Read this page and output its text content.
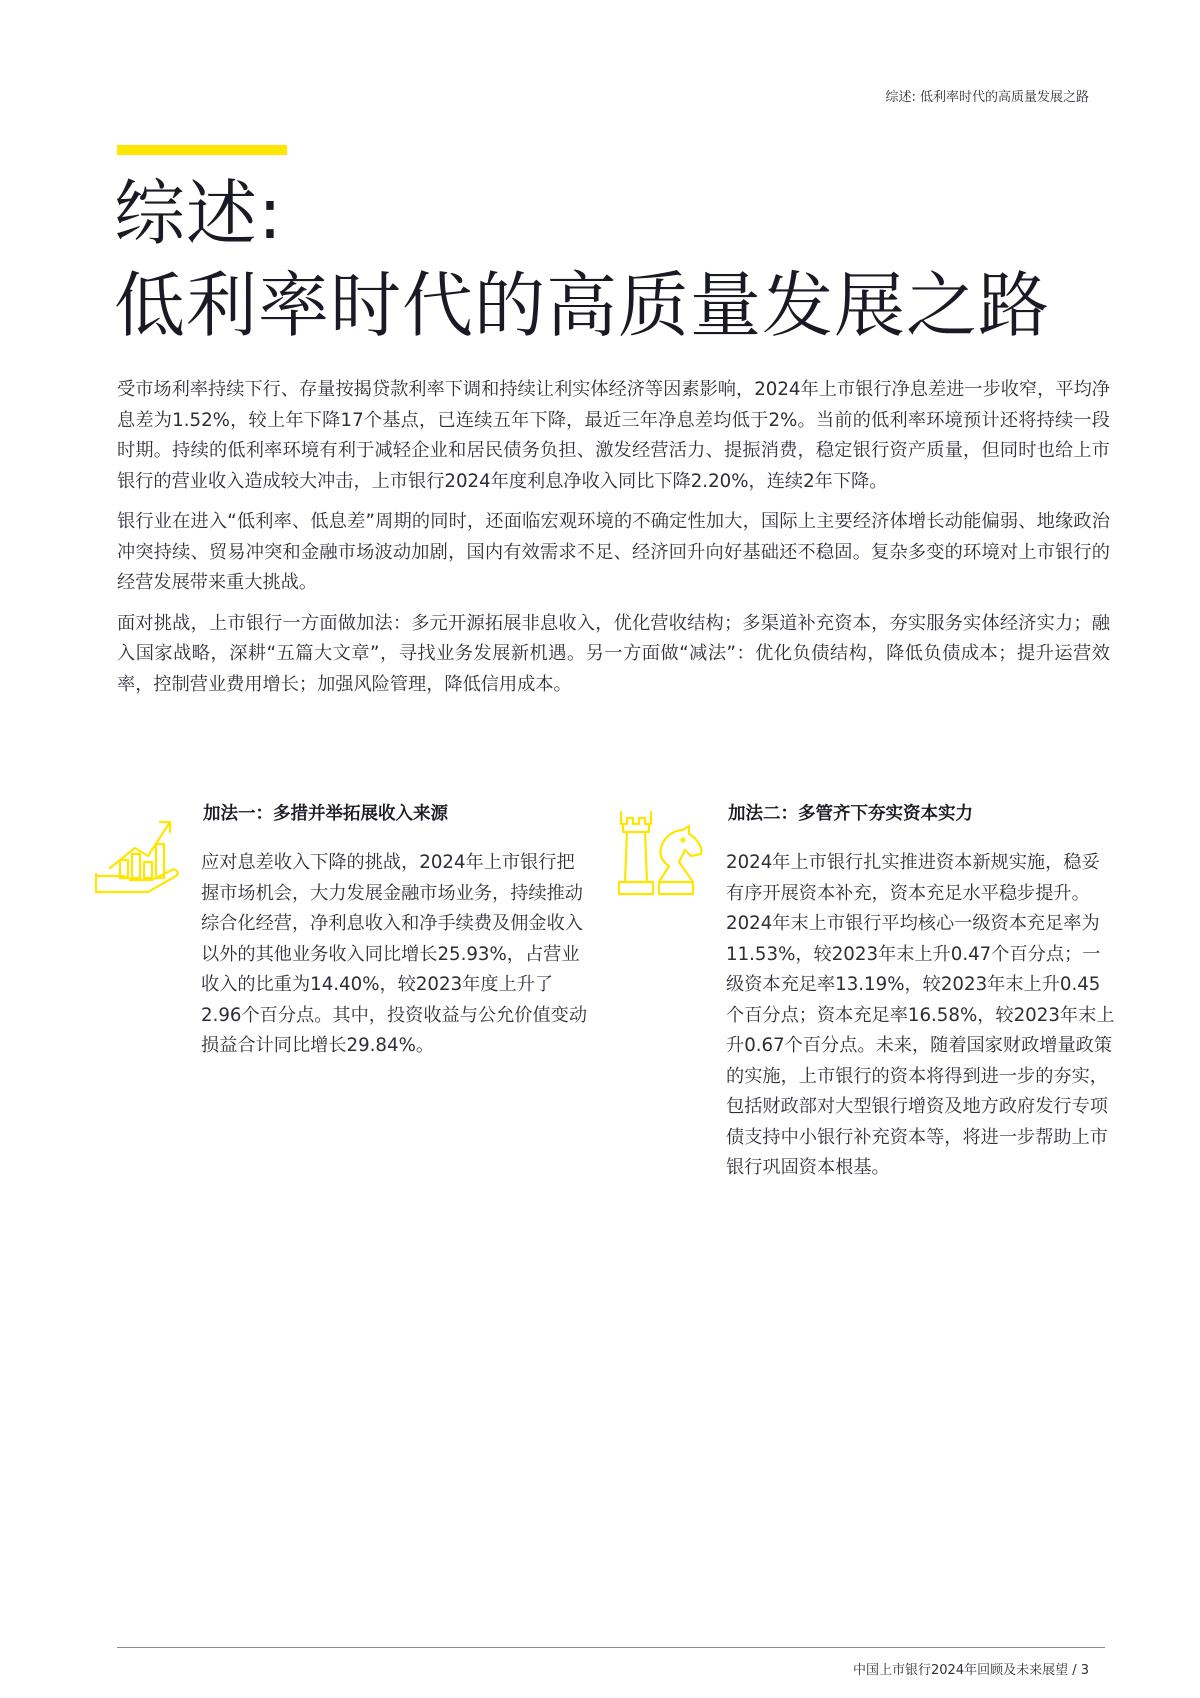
综述: 低利率时代的高质量发展之路
综述:
低利率时代的高质量发展之路

受市场利率持续下行、存量按揭贷款利率下调和持续让利实体经济等因素影响，2024年上市银行净息差进一步收窄，平均净息差为1.52%，较上年下降17个基点，已连续五年下降，最近三年净息差均低于2%。当前的低利率环境预计还将持续一段时期。持续的低利率环境有利于减轻企业和居民债务负担、激发经营活力、提振消费，稳定银行资产质量，但同时也给上市银行的营业收入造成较大冲击，上市银行2024年度利息净收入同比下降2.20%，连续2年下降。

银行业在进入“低利率、低息差”周期的同时，还面临宏观环境的不确定性加大，国际上主要经济体增长动能偏弱、地缘政治冲突持续、贸易冲突和金融市场波动加剧，国内有效需求不足、经济回升向好基础还不稳固。复杂多变的环境对上市银行的经营发展带来重大挑战。

面对挑战，上市银行一方面做加法：多元开源拓展非息收入，优化营收结构；多渠道补充资本，夯实服务实体经济实力；融入国家战略，深耕“五篇大文章”，寻找业务发展新机遇。另一方面做“减法”：优化负债结构，降低负债成本；提升运营效率，控制营业费用增长；加强风险管理，降低信用成本。

加法一：多措并举拓展收入来源
应对息差收入下降的挑战，2024年上市银行把握市场机会，大力发展金融市场业务，持续推动综合化经营，净利息收入和净手续费及佣金收入以外的其他业务收入同比增长25.93%，占营业收入的比重为14.40%，较2023年度上升了2.96个百分点。其中，投资收益与公允价值变动损益合计同比增长29.84%。
加法二：多管齐下夯实资本实力
2024年上市银行扎实推进资本新规实施，稳妥有序开展资本补充，资本充足水平稳步提升。2024年末上市银行平均核心一级资本充足率为11.53%，较2023年末上升0.47个百分点；一级资本充足率13.19%，较2023年末上升0.45个百分点；资本充足率16.58%，较2023年末上升0.67个百分点。未来，随着国家财政增量政策的实施，上市银行的资本将得到进一步的夯实，包括财政部对大型银行增资及地方政府发行专项债支持中小银行补充资本等，将进一步帮助上市银行巩固资本根基。
中国上市银行2024年回顾及未来展望 / 3
